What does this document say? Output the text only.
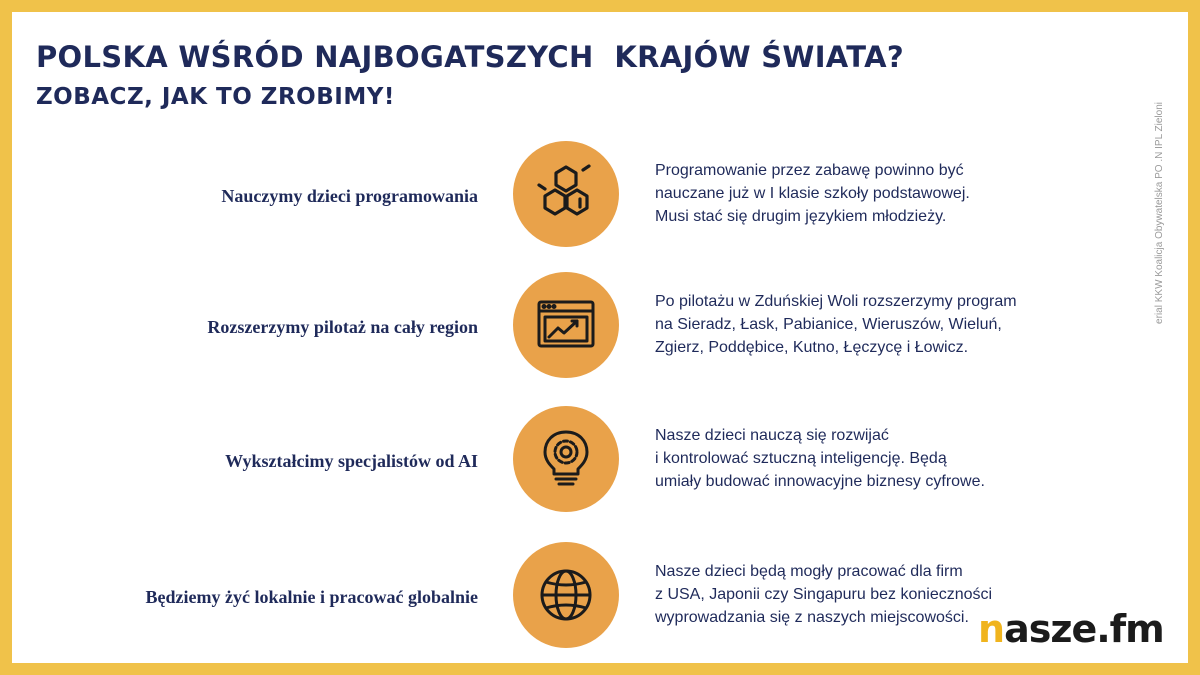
POLSKA WŚRÓD NAJBOGATSZYCH  KRAJÓW ŚWIATA?
ZOBACZ, JAK TO ZROBIMY!
Nauczymy dzieci programowania
Programowanie przez zabawę powinno być
nauczane już w I klasie szkoły podstawowej.
Musi stać się drugim językiem młodzieży.
Rozszerzymy pilotaż na cały region
Po pilotażu w Zduńskiej Woli rozszerzymy program
na Sieradz, Łask, Pabianice, Wieruszów, Wieluń,
Zgierz, Poddębice, Kutno, Łęczycę i Łowicz.
Wykształcimy specjalistów od AI
Nasze dzieci nauczą się rozwijać
i kontrolować sztuczną inteligencję. Będą
umiały budować innowacyjne biznesy cyfrowe.
Będziemy żyć lokalnie i pracować globalnie
Nasze dzieci będą mogły pracować dla firm
z USA, Japonii czy Singapuru bez konieczności
wyprowadzania się z naszych miejscowości.
erial KKW Koalicja Obywatelska PO .N IPL Zieloni
nasze.fm
